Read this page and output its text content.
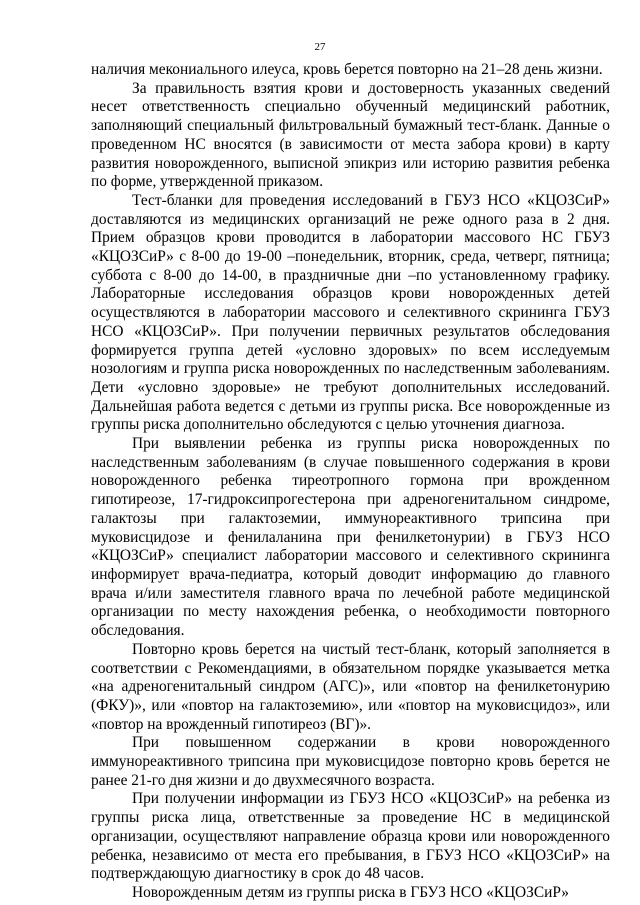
27

наличия мекониального илеуса, кровь берется повторно на 21–28 день жизни.

За правильность взятия крови и достоверность указанных сведений несет ответственность специально обученный медицинский работник, заполняющий специальный фильтровальный бумажный тест-бланк. Данные о проведенном НС вносятся (в зависимости от места забора крови) в карту развития новорожденного, выписной эпикриз или историю развития ребенка по форме, утвержденной приказом.

Тест-бланки для проведения исследований в ГБУЗ НСО «КЦОЗСиР» доставляются из медицинских организаций не реже одного раза в 2 дня. Прием образцов крови проводится в лаборатории массового НС ГБУЗ «КЦОЗСиР» с 8-00 до 19-00 –понедельник, вторник, среда, четверг, пятница; суббота с 8-00 до 14-00, в праздничные дни –по установленному графику. Лабораторные исследования образцов крови новорожденных детей осуществляются в лаборатории массового и селективного скрининга ГБУЗ НСО «КЦОЗСиР». При получении первичных результатов обследования формируется группа детей «условно здоровых» по всем исследуемым нозологиям и группа риска новорожденных по наследственным заболеваниям. Дети «условно здоровые» не требуют дополнительных исследований. Дальнейшая работа ведется с детьми из группы риска. Все новорожденные из группы риска дополнительно обследуются с целью уточнения диагноза.

При выявлении ребенка из группы риска новорожденных по наследственным заболеваниям (в случае повышенного содержания в крови новорожденного ребенка тиреотропного гормона при врожденном гипотиреозе, 17-гидроксипрогестерона при адреногенитальном синдроме, галактозы при галактоземии, иммунореактивного трипсина при муковисцидозе и фенилаланина при фенилкетонурии) в ГБУЗ НСО «КЦОЗСиР» специалист лаборатории массового и селективного скрининга информирует врача-педиатра, который доводит информацию до главного врача и/или заместителя главного врача по лечебной работе медицинской организации по месту нахождения ребенка, о необходимости повторного обследования.

Повторно кровь берется на чистый тест-бланк, который заполняется в соответствии с Рекомендациями, в обязательном порядке указывается метка «на адреногенитальный синдром (АГС)», или «повтор на фенилкетонурию (ФКУ)», или «повтор на галактоземию», или «повтор на муковисцидоз», или «повтор на врожденный гипотиреоз (ВГ)».

При повышенном содержании в крови новорожденного иммунореактивного трипсина при муковисцидозе повторно кровь берется не ранее 21-го дня жизни и до двухмесячного возраста.

При получении информации из ГБУЗ НСО «КЦОЗСиР» на ребенка из группы риска лица, ответственные за проведение НС в медицинской организации, осуществляют направление образца крови или новорожденного ребенка, независимо от места его пребывания, в ГБУЗ НСО «КЦОЗСиР» на подтверждающую диагностику в срок до 48 часов.

Новорожденным детям из группы риска в ГБУЗ НСО «КЦОЗСиР»
